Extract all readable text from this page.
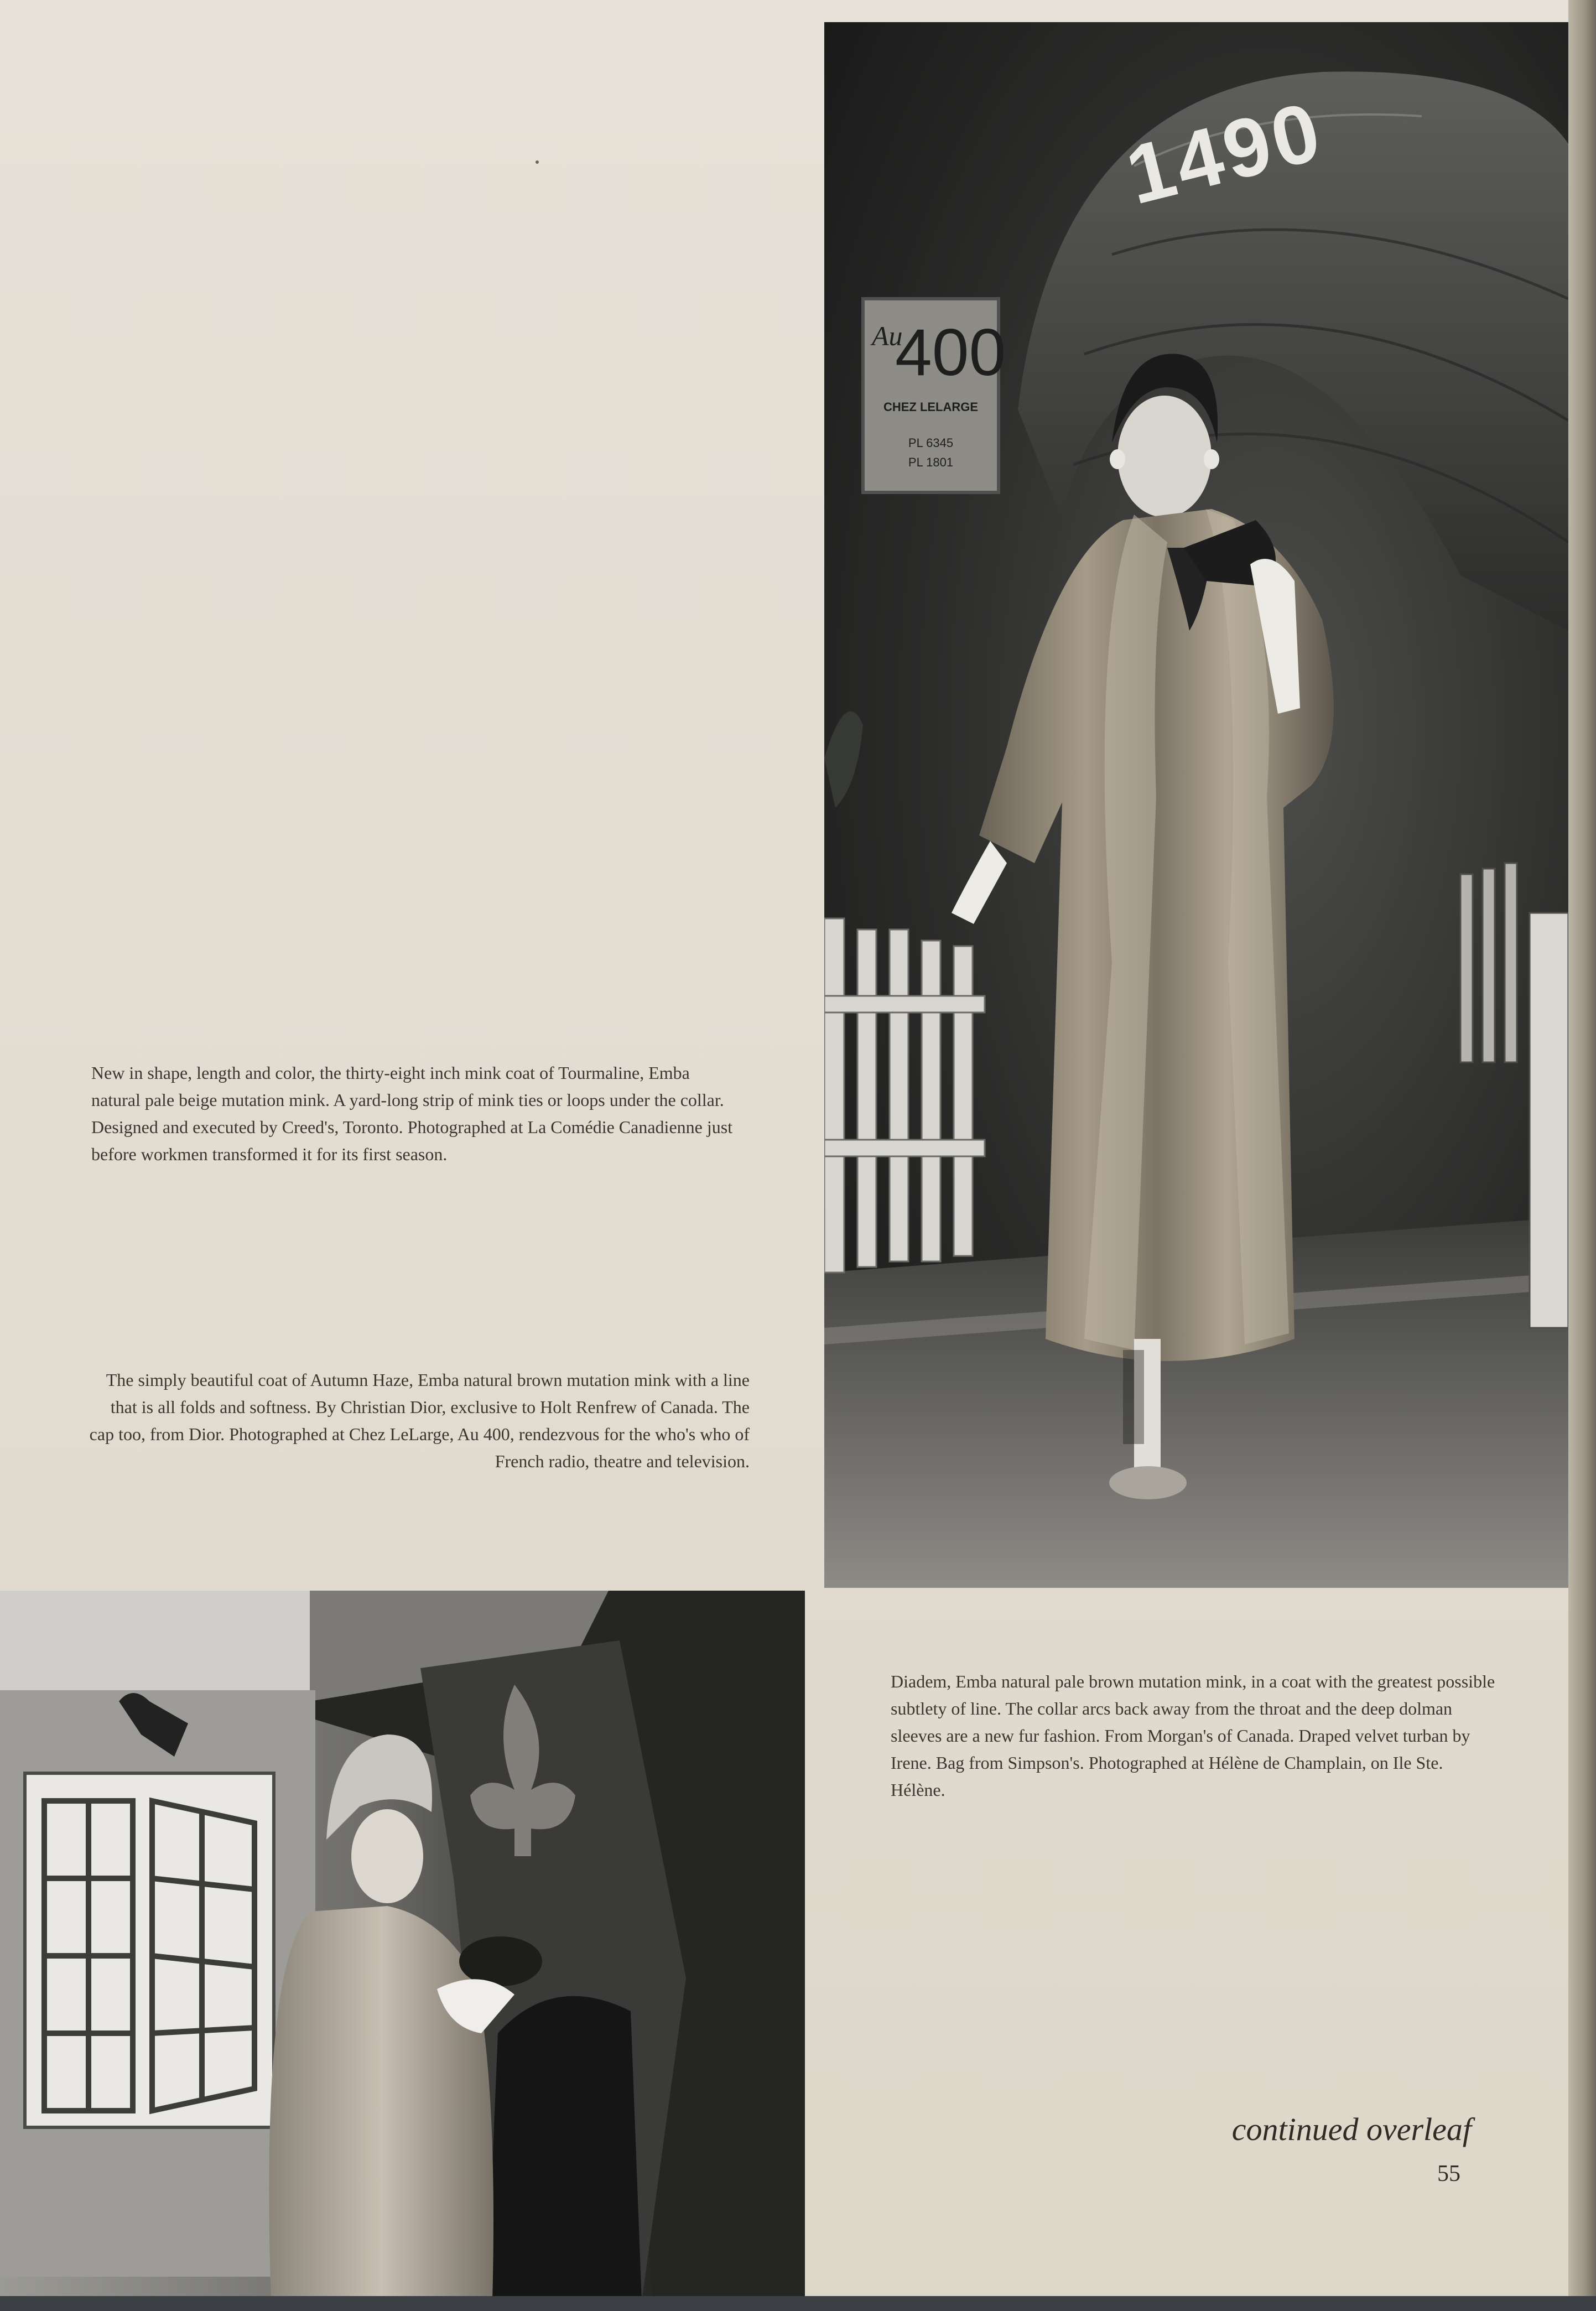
1490
Au
400
CHEZ LELARGE
PL 6345
PL 1801

New in shape, length and color, the thirty-eight inch mink coat of Tourmaline, Emba natural pale beige mutation mink. A yard-long strip of mink ties or loops under the collar. Designed and executed by Creed's, Toronto. Photographed at La Comédie Canadienne just before workmen transformed it for its first season.

The simply beautiful coat of Autumn Haze, Emba natural brown mutation mink with a line that is all folds and softness. By Christian Dior, exclusive to Holt Renfrew of Canada. The cap too, from Dior. Photographed at Chez LeLarge, Au 400, rendezvous for the who's who of French radio, theatre and television.

Diadem, Emba natural pale brown mutation mink, in a coat with the greatest possible subtlety of line. The collar arcs back away from the throat and the deep dolman sleeves are a new fur fashion. From Morgan's of Canada. Draped velvet turban by Irene. Bag from Simpson's. Photographed at Hélène de Champlain, on Ile Ste. Hélène.

continued overleaf
55
